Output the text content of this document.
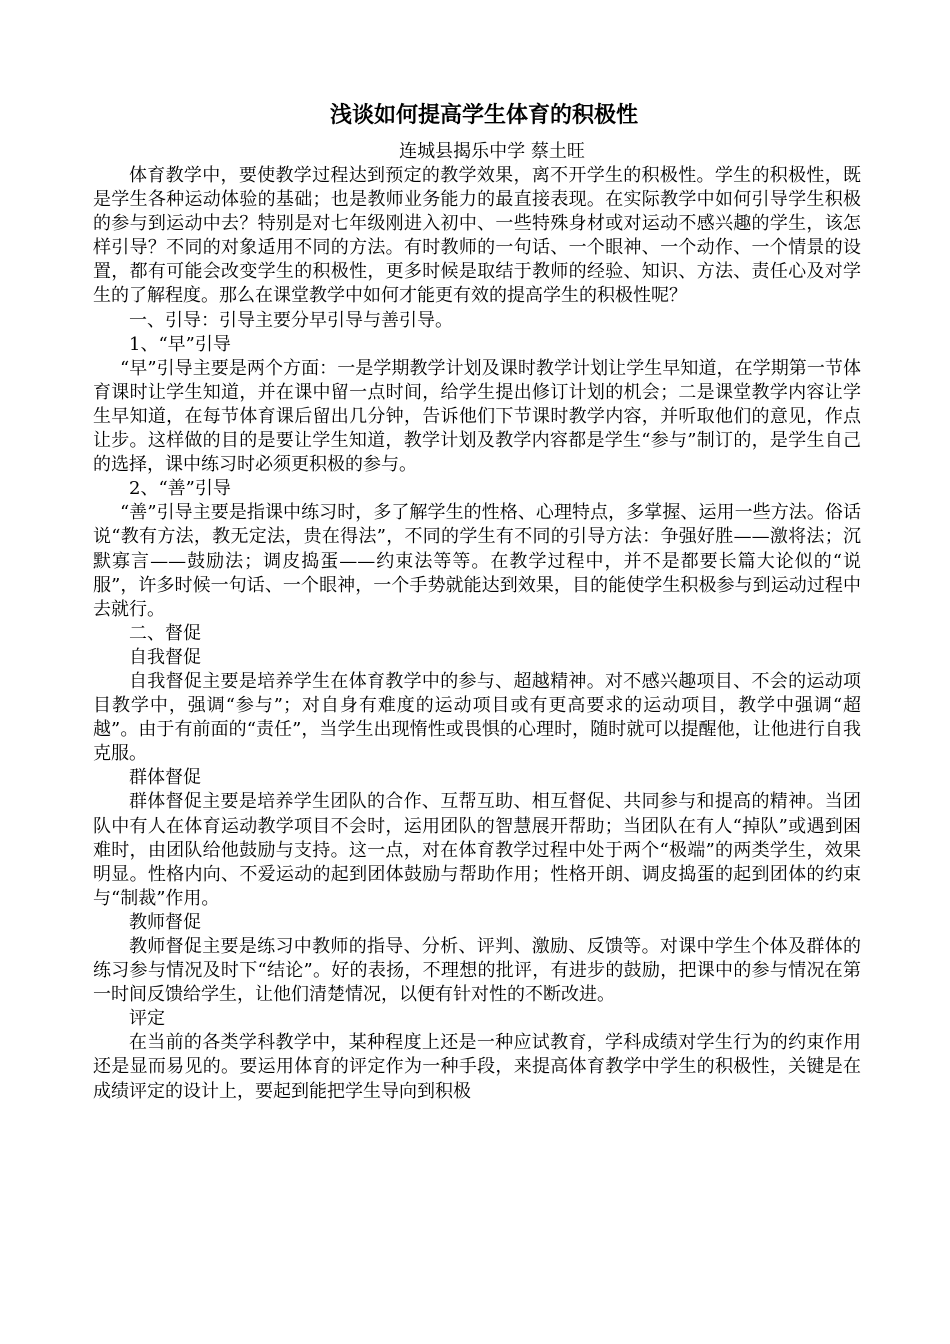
浅谈如何提高学生体育的积极性
连城县揭乐中学 蔡土旺

体育教学中，要使教学过程达到预定的教学效果，离不开学生的积极性。学生的积极性，既是学生各种运动体验的基础；也是教师业务能力的最直接表现。在实际教学中如何引导学生积极的参与到运动中去？特别是对七年级刚进入初中、一些特殊身材或对运动不感兴趣的学生，该怎样引导？不同的对象适用不同的方法。有时教师的一句话、一个眼神、一个动作、一个情景的设置，都有可能会改变学生的积极性，更多时候是取结于教师的经验、知识、方法、责任心及对学生的了解程度。那么在课堂教学中如何才能更有效的提高学生的积极性呢？

一、引导：引导主要分早引导与善引导。

1、“早”引导

“早”引导主要是两个方面：一是学期教学计划及课时教学计划让学生早知道，在学期第一节体育课时让学生知道，并在课中留一点时间，给学生提出修订计划的机会；二是课堂教学内容让学生早知道，在每节体育课后留出几分钟，告诉他们下节课时教学内容，并听取他们的意见，作点让步。这样做的目的是要让学生知道，教学计划及教学内容都是学生“参与”制订的，是学生自己的选择，课中练习时必须更积极的参与。

2、“善”引导

“善”引导主要是指课中练习时，多了解学生的性格、心理特点，多掌握、运用一些方法。俗话说“教有方法，教无定法，贵在得法”，不同的学生有不同的引导方法：争强好胜——激将法；沉默寡言——鼓励法；调皮捣蛋——约束法等等。在教学过程中，并不是都要长篇大论似的“说服”，许多时候一句话、一个眼神，一个手势就能达到效果，目的能使学生积极参与到运动过程中去就行。

二、督促

自我督促

自我督促主要是培养学生在体育教学中的参与、超越精神。对不感兴趣项目、不会的运动项目教学中，强调“参与”；对自身有难度的运动项目或有更高要求的运动项目，教学中强调“超越”。由于有前面的“责任”，当学生出现惰性或畏惧的心理时，随时就可以提醒他，让他进行自我克服。

群体督促

群体督促主要是培养学生团队的合作、互帮互助、相互督促、共同参与和提高的精神。当团队中有人在体育运动教学项目不会时，运用团队的智慧展开帮助；当团队在有人“掉队”或遇到困难时，由团队给他鼓励与支持。这一点，对在体育教学过程中处于两个“极端”的两类学生，效果明显。性格内向、不爱运动的起到团体鼓励与帮助作用；性格开朗、调皮捣蛋的起到团体的约束与“制裁”作用。

教师督促

教师督促主要是练习中教师的指导、分析、评判、激励、反馈等。对课中学生个体及群体的练习参与情况及时下“结论”。好的表扬，不理想的批评，有进步的鼓励，把课中的参与情况在第一时间反馈给学生，让他们清楚情况，以便有针对性的不断改进。

评定

在当前的各类学科教学中，某种程度上还是一种应试教育，学科成绩对学生行为的约束作用还是显而易见的。要运用体育的评定作为一种手段，来提高体育教学中学生的积极性，关键是在成绩评定的设计上，要起到能把学生导向到积极
